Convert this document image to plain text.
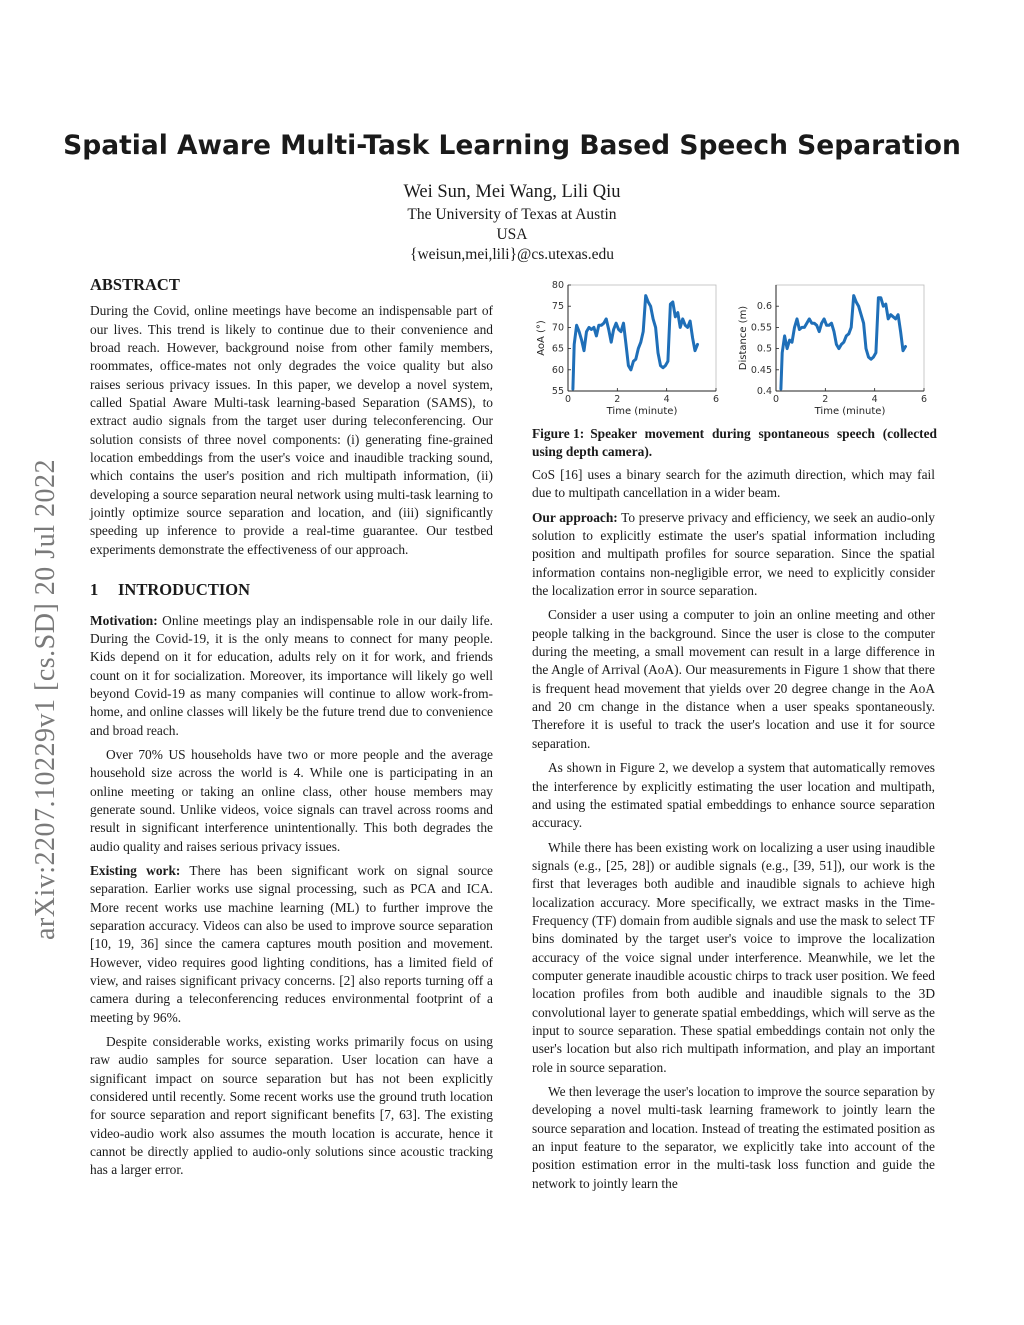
arXiv:2207.10229v1 [cs.SD] 20 Jul 2022
Spatial Aware Multi-Task Learning Based Speech Separation
Wei Sun, Mei Wang, Lili Qiu
The University of Texas at Austin
USA
{weisun,mei,lili}@cs.utexas.edu
ABSTRACT

During the Covid, online meetings have become an indispensable part of our lives. This trend is likely to continue due to their convenience and broad reach. However, background noise from other family members, roommates, office-mates not only degrades the voice quality but also raises serious privacy issues. In this paper, we develop a novel system, called Spatial Aware Multi-task learning-based Separation (SAMS), to extract audio signals from the target user during teleconferencing. Our solution consists of three novel components: (i) generating fine-grained location embeddings from the user's voice and inaudible tracking sound, which contains the user's position and rich multipath information, (ii) developing a source separation neural network using multi-task learning to jointly optimize source separation and location, and (iii) significantly speeding up inference to provide a real-time guarantee. Our testbed experiments demonstrate the effectiveness of our approach.

1 INTRODUCTION

Motivation: Online meetings play an indispensable role in our daily life. During the Covid-19, it is the only means to connect for many people. Kids depend on it for education, adults rely on it for work, and friends count on it for socialization. Moreover, its importance will likely go well beyond Covid-19 as many companies will continue to allow work-from-home, and online classes will likely be the future trend due to convenience and broad reach.

Over 70% US households have two or more people and the average household size across the world is 4. While one is participating in an online meeting or taking an online class, other house members may generate sound. Unlike videos, voice signals can travel across rooms and result in significant interference unintentionally. This both degrades the audio quality and raises serious privacy issues.

Existing work: There has been significant work on signal source separation. Earlier works use signal processing, such as PCA and ICA. More recent works use machine learning (ML) to further improve the separation accuracy. Videos can also be used to improve source separation [10, 19, 36] since the camera captures mouth position and movement. However, video requires good lighting conditions, has a limited field of view, and raises significant privacy concerns. [2] also reports turning off a camera during a teleconferencing reduces environmental footprint of a meeting by 96%.

Despite considerable works, existing works primarily focus on using raw audio samples for source separation. User location can have a significant impact on source separation but has not been explicitly considered until recently. Some recent works use the ground truth location for source separation and report significant benefits [7, 63]. The existing video-audio work also assumes the mouth location is accurate, hence it cannot be directly applied to audio-only solutions since acoustic tracking has a larger error.

0	2	4	6
55
60
65
70
75
80
Time (minute)
AoA (°)
0	2	4	6
0.4
0.45
0.5
0.55
0.6
Time (minute)
Distance (m)
Figure 1: Speaker movement during spontaneous speech (collected using depth camera).

CoS [16] uses a binary search for the azimuth direction, which may fail due to multipath cancellation in a wider beam.

Our approach: To preserve privacy and efficiency, we seek an audio-only solution to explicitly estimate the user's spatial information including position and multipath profiles for source separation. Since the spatial information contains non-negligible error, we need to explicitly consider the localization error in source separation.

Consider a user using a computer to join an online meeting and other people talking in the background. Since the user is close to the computer during the meeting, a small movement can result in a large difference in the Angle of Arrival (AoA). Our measurements in Figure 1 show that there is frequent head movement that yields over 20 degree change in the AoA and 20 cm change in the distance when a user speaks spontaneously. Therefore it is useful to track the user's location and use it for source separation.

As shown in Figure 2, we develop a system that automatically removes the interference by explicitly estimating the user location and multipath, and using the estimated spatial embeddings to enhance source separation accuracy.

While there has been existing work on localizing a user using inaudible signals (e.g., [25, 28]) or audible signals (e.g., [39, 51]), our work is the first that leverages both audible and inaudible signals to achieve high localization accuracy. More specifically, we extract masks in the Time-Frequency (TF) domain from audible signals and use the mask to select TF bins dominated by the target user's voice to improve the localization accuracy of the voice signal under interference. Meanwhile, we let the computer generate inaudible acoustic chirps to track user position. We feed location profiles from both audible and inaudible signals to the 3D convolutional layer to generate spatial embeddings, which will serve as the input to source separation. These spatial embeddings contain not only the user's location but also rich multipath information, and play an important role in source separation.

We then leverage the user's location to improve the source separation by developing a novel multi-task learning framework to jointly learn the source separation and location. Instead of treating the estimated position as an input feature to the separator, we explicitly take into account of the position estimation error in the multi-task loss function and guide the network to jointly learn the
